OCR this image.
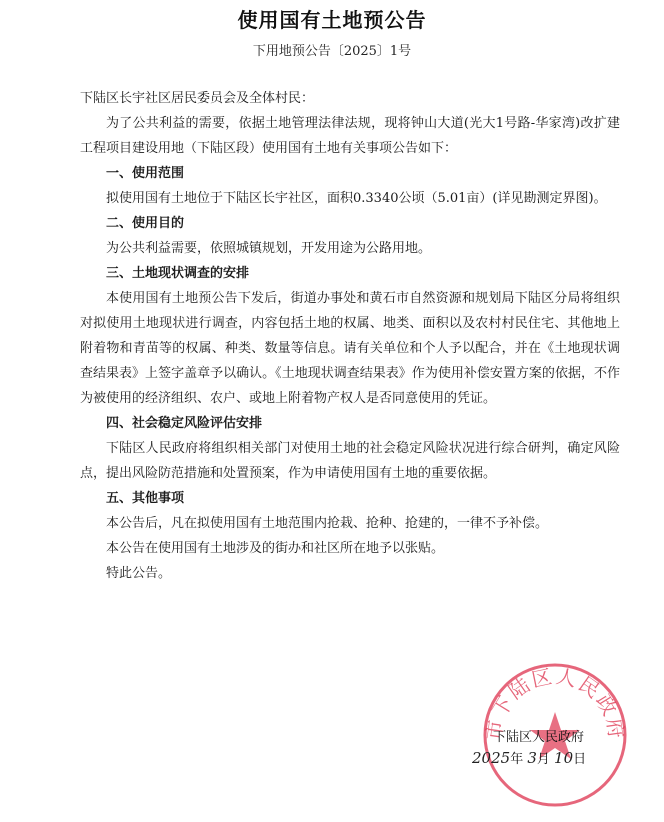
使用国有土地预公告
下用地预公告〔2025〕1号

下陆区长宇社区居民委员会及全体村民：

为了公共利益的需要，依据土地管理法律法规，现将钟山大道(光大1号路-华家湾)改扩建工程项目建设用地（下陆区段）使用国有土地有关事项公告如下：

一、使用范围

拟使用国有土地位于下陆区长宇社区，面积0.3340公顷（5.01亩）(详见勘测定界图)。

二、使用目的

为公共利益需要，依照城镇规划，开发用途为公路用地。

三、土地现状调查的安排

本使用国有土地预公告下发后，街道办事处和黄石市自然资源和规划局下陆区分局将组织对拟使用土地现状进行调查，内容包括土地的权属、地类、面积以及农村村民住宅、其他地上附着物和青苗等的权属、种类、数量等信息。请有关单位和个人予以配合，并在《土地现状调查结果表》上签字盖章予以确认。《土地现状调查结果表》作为使用补偿安置方案的依据，不作为被使用的经济组织、农户、或地上附着物产权人是否同意使用的凭证。

四、社会稳定风险评估安排

下陆区人民政府将组织相关部门对使用土地的社会稳定风险状况进行综合研判，确定风险点，提出风险防范措施和处置预案，作为申请使用国有土地的重要依据。

五、其他事项

本公告后，凡在拟使用国有土地范围内抢栽、抢种、抢建的，一律不予补偿。

本公告在使用国有土地涉及的街办和社区所在地予以张贴。

特此公告。

市下陆区人民政府
下陆区人民政府
2025年 3月 10日
